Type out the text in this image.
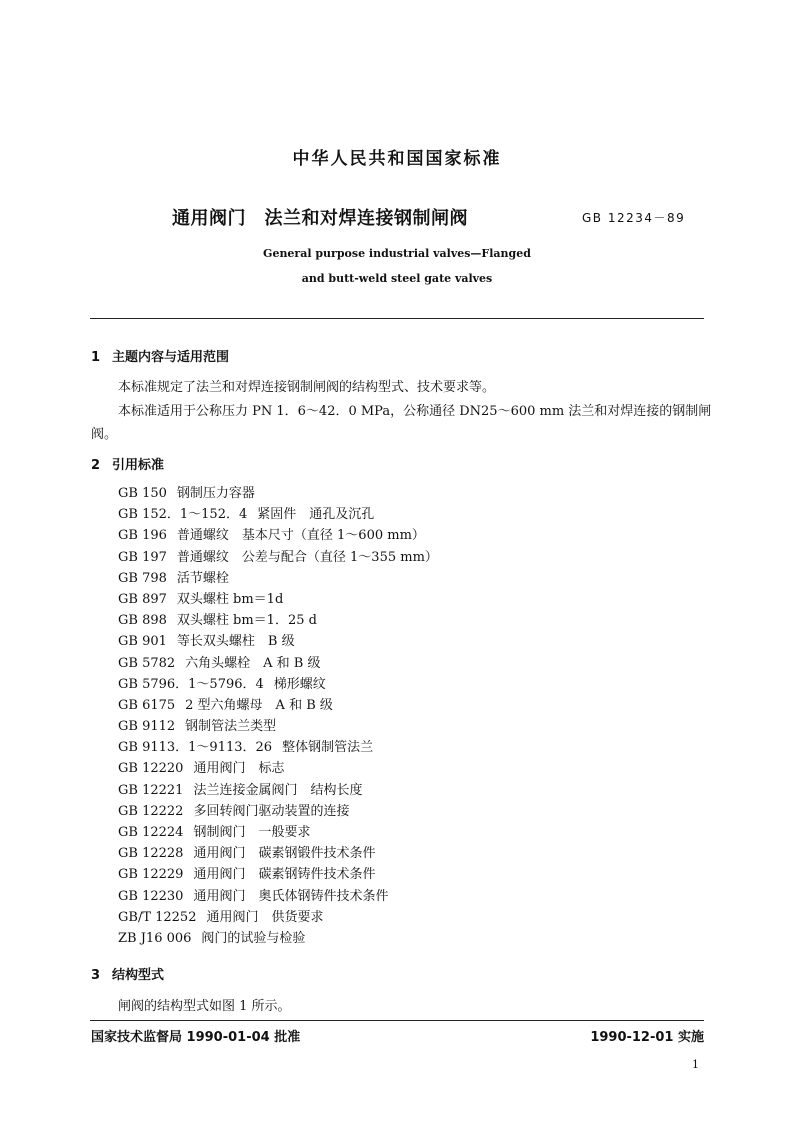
中华人民共和国国家标准
通用阀门　法兰和对焊连接钢制闸阀	GB 12234－89
General purpose industrial valves—Flanged
and butt-weld steel gate valves
1 主题内容与适用范围
本标准规定了法兰和对焊连接钢制闸阀的结构型式、技术要求等。
本标准适用于公称压力 PN 1．6～42．0 MPa，公称通径 DN25～600 mm 法兰和对焊连接的钢制闸
阀。
2 引用标准
GB 150 钢制压力容器
GB 152．1～152．4 紧固件　通孔及沉孔
GB 196 普通螺纹　基本尺寸（直径 1～600 mm）
GB 197 普通螺纹　公差与配合（直径 1～355 mm）
GB 798 活节螺栓
GB 897 双头螺柱 bm＝1d
GB 898 双头螺柱 bm＝1．25 d
GB 901 等长双头螺柱　B 级
GB 5782 六角头螺栓　A 和 B 级
GB 5796．1～5796．4 梯形螺纹
GB 6175 2 型六角螺母　A 和 B 级
GB 9112 钢制管法兰类型
GB 9113．1～9113．26 整体钢制管法兰
GB 12220 通用阀门　标志
GB 12221 法兰连接金属阀门　结构长度
GB 12222 多回转阀门驱动装置的连接
GB 12224 钢制阀门　一般要求
GB 12228 通用阀门　碳素钢锻件技术条件
GB 12229 通用阀门　碳素钢铸件技术条件
GB 12230 通用阀门　奥氏体钢铸件技术条件
GB/T 12252 通用阀门　供货要求
ZB J16 006 阀门的试验与检验
3 结构型式
闸阀的结构型式如图 1 所示。
国家技术监督局 1990-01-04 批准	1990-12-01 实施
1
